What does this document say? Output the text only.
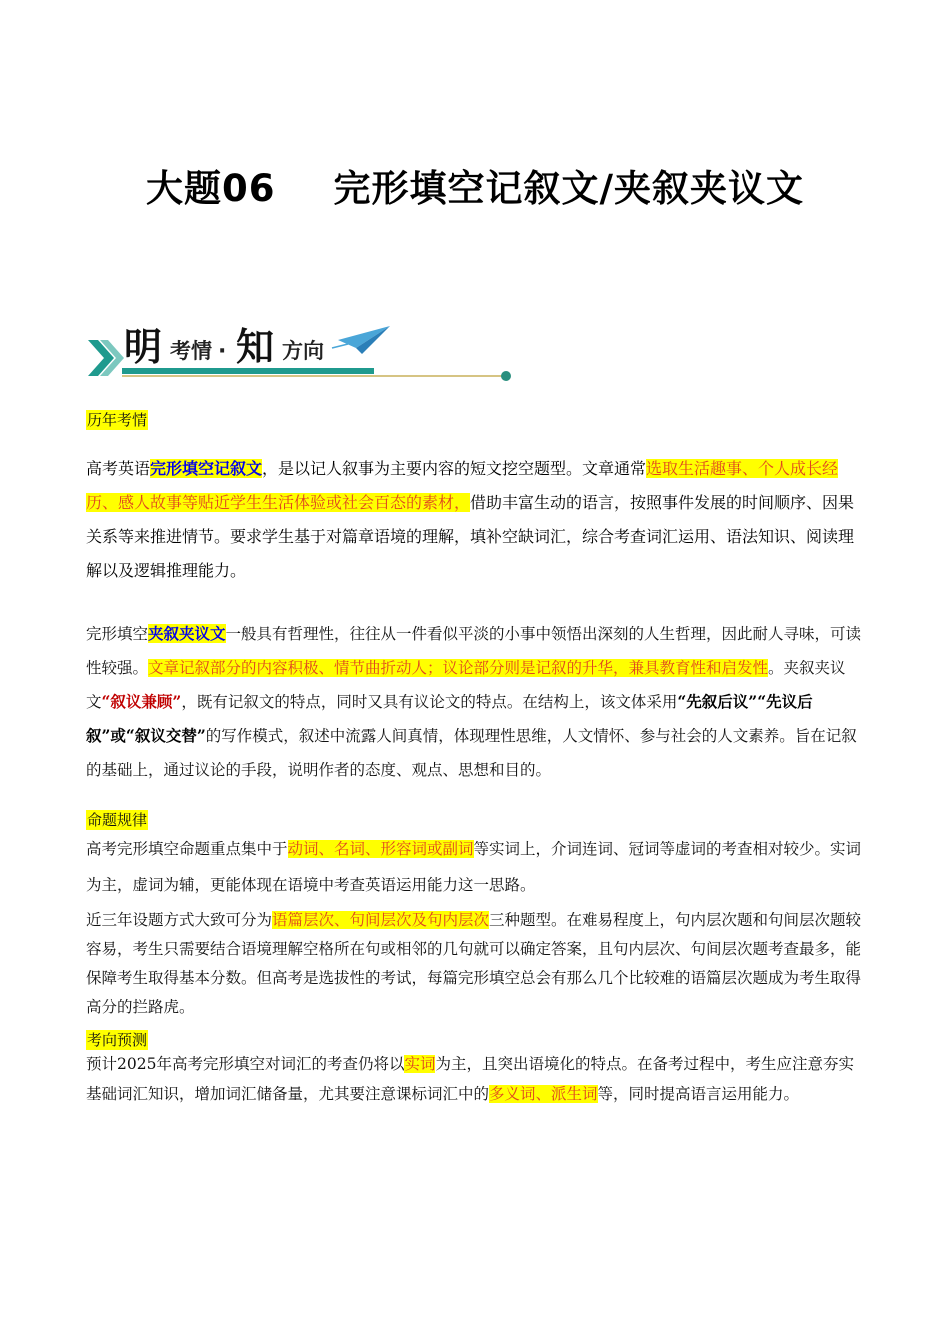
大题06 完形填空记叙文/夹叙夹议文
明 考情 · 知 方向
历年考情

高考英语完形填空记叙文，是以记人叙事为主要内容的短文挖空题型。文章通常选取生活趣事、个人成长经历、感人故事等贴近学生生活体验或社会百态的素材，借助丰富生动的语言，按照事件发展的时间顺序、因果关系等来推进情节。要求学生基于对篇章语境的理解，填补空缺词汇，综合考查词汇运用、语法知识、阅读理解以及逻辑推理能力。

完形填空夹叙夹议文一般具有哲理性，往往从一件看似平淡的小事中领悟出深刻的人生哲理，因此耐人寻味，可读性较强。文章记叙部分的内容积极、情节曲折动人；议论部分则是记叙的升华，兼具教育性和启发性。夹叙夹议文“叙议兼顾”，既有记叙文的特点，同时又具有议论文的特点。在结构上，该文体采用“先叙后议”“先议后叙”或“叙议交替”的写作模式，叙述中流露人间真情，体现理性思维，人文情怀、参与社会的人文素养。旨在记叙的基础上，通过议论的手段，说明作者的态度、观点、思想和目的。

命题规律

高考完形填空命题重点集中于动词、名词、形容词或副词等实词上，介词连词、冠词等虚词的考查相对较少。实词为主，虚词为辅，更能体现在语境中考查英语运用能力这一思路。

近三年设题方式大致可分为语篇层次、句间层次及句内层次三种题型。在难易程度上，句内层次题和句间层次题较容易，考生只需要结合语境理解空格所在句或相邻的几句就可以确定答案，且句内层次、句间层次题考查最多，能保障考生取得基本分数。但高考是选拔性的考试，每篇完形填空总会有那么几个比较难的语篇层次题成为考生取得高分的拦路虎。

考向预测

预计2025年高考完形填空对词汇的考查仍将以实词为主，且突出语境化的特点。在备考过程中，考生应注意夯实基础词汇知识，增加词汇储备量，尤其要注意课标词汇中的多义词、派生词等，同时提高语言运用能力。
